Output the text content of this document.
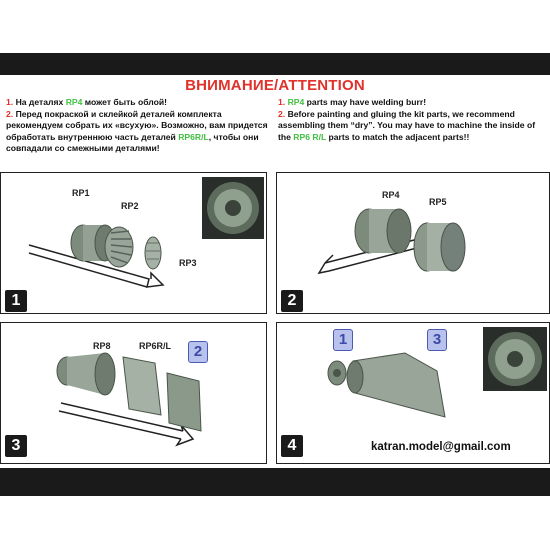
ВНИМАНИЕ/ATTENTION
1. На деталях RP4 может быть облой!
2. Перед покраской и склейкой деталей комплекта рекомендуем собрать их «всухую». Возможно, вам придется обработать внутреннюю часть деталей RP6R/L, чтобы они совпадали со смежными деталями!
1. RP4 parts may have welding burr!
2. Before painting and gluing the kit parts, we recommend assembling them “dry”. You may have to machine the inside of the RP6 R/L parts to match the adjacent parts!!
RP1
RP2
RP3
1
RP4
RP5
2
RP8	RP6R/L	2
3
1	3
katran.model@gmail.com
4
